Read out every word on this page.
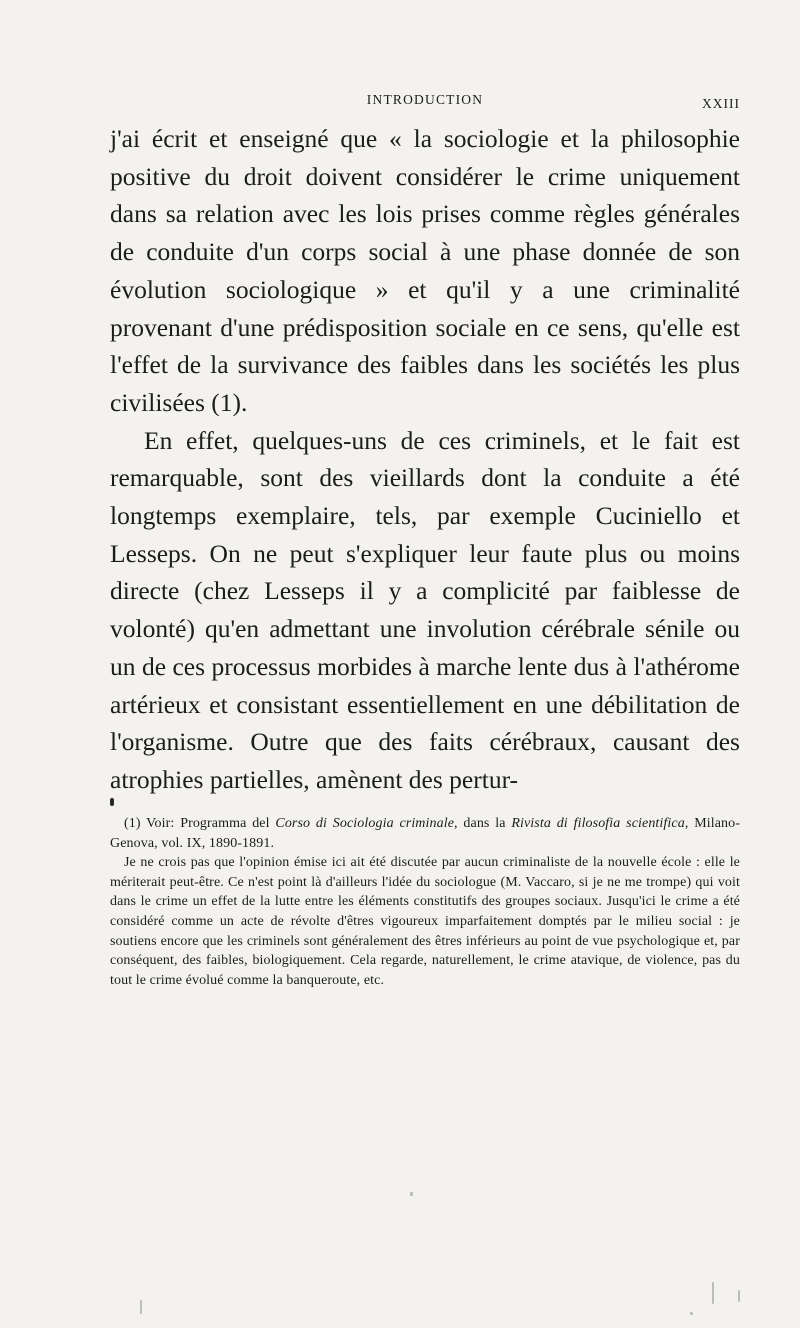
INTRODUCTION	XXIII

j'ai écrit et enseigné que « la sociologie et la philosophie positive du droit doivent considérer le crime uniquement dans sa relation avec les lois prises comme règles générales de conduite d'un corps social à une phase donnée de son évolution sociologique » et qu'il y a une criminalité provenant d'une prédisposition sociale en ce sens, qu'elle est l'effet de la survivance des faibles dans les sociétés les plus civilisées (1).

En effet, quelques-uns de ces criminels, et le fait est remarquable, sont des vieillards dont la conduite a été longtemps exemplaire, tels, par exemple Cuciniello et Lesseps. On ne peut s'expliquer leur faute plus ou moins directe (chez Lesseps il y a complicité par faiblesse de volonté) qu'en admettant une involution cérébrale sénile ou un de ces processus morbides à marche lente dus à l'athérome artérieux et consistant essentiellement en une débilitation de l'organisme. Outre que des faits cérébraux, causant des atrophies partielles, amènent des pertur-

(1) Voir: Programma del Corso di Sociologia criminale, dans la Rivista di filosofia scientifica, Milano-Genova, vol. IX, 1890-1891.

Je ne crois pas que l'opinion émise ici ait été discutée par aucun criminaliste de la nouvelle école : elle le mériterait peut-être. Ce n'est point là d'ailleurs l'idée du sociologue (M. Vaccaro, si je ne me trompe) qui voit dans le crime un effet de la lutte entre les éléments constitutifs des groupes sociaux. Jusqu'ici le crime a été considéré comme un acte de révolte d'êtres vigoureux imparfaitement domptés par le milieu social : je soutiens encore que les criminels sont généralement des êtres inférieurs au point de vue psychologique et, par conséquent, des faibles, biologiquement. Cela regarde, naturellement, le crime atavique, de violence, pas du tout le crime évolué comme la banqueroute, etc.
